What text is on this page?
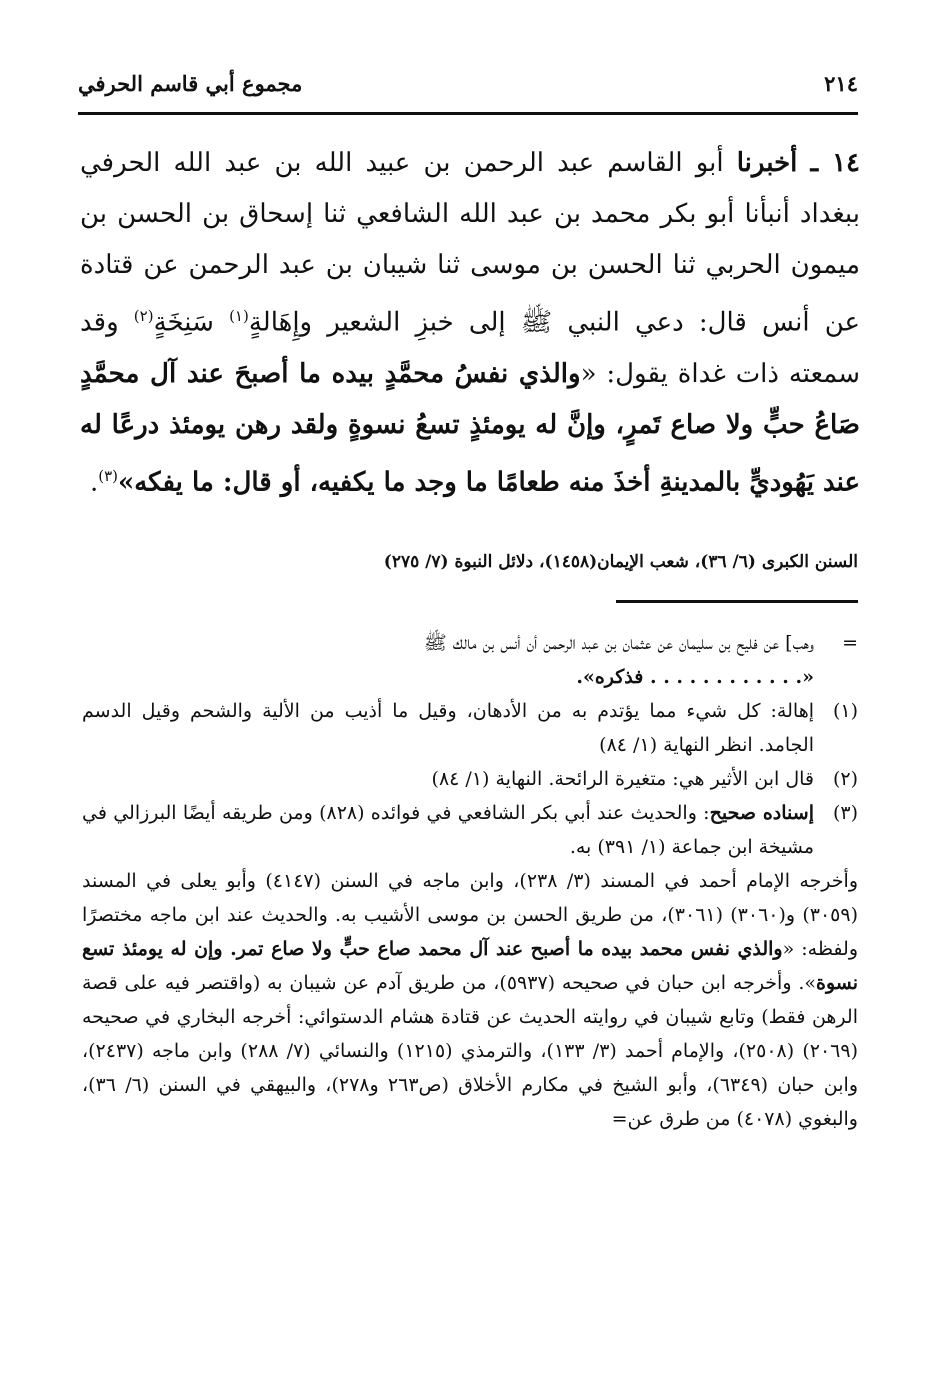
٢١٤
مجموع أبي قاسم الحرفي
١٤ ـ أخبرنا أبو القاسم عبد الرحمن بن عبيد الله بن عبد الله الحرفي ببغداد أنبأنا أبو بكر محمد بن عبد الله الشافعي ثنا إسحاق بن الحسن بن ميمون الحربي ثنا الحسن بن موسى ثنا شيبان بن عبد الرحمن عن قتادة عن أنس قال: دعي النبي ﷺ إلى خبزِ الشعير وإِهَالةٍ$^{(١)}$ سَنِخَةٍ$^{(٢)}$ وقد سمعته ذات غداة يقول: «والذي نفسُ محمَّدٍ بيده ما أصبحَ عند آل محمَّدٍ صَاعُ حبٍّ ولا صاع تَمرٍ، وإنَّ له يومئذٍ تسعُ نسوةٍ ولقد رهن يومئذ درعًا له عند يَهُوديٍّ بالمدينةِ أخذَ منه طعامًا ما وجد ما يكفيه، أو قال: ما يفكه»$^{(٣)}$.
السنن الكبرى (٦/ ٣٦)، شعب الإيمان(١٤٥٨)، دلائل النبوة (٧/ ٢٧٥)
=
وهب] عن فليح بن سليمان عن عثمان بن عبد الرحمن أن أنس بن مالك ﷺ
«. . . . . . . . . . . . فذكره».
(١)
إهالة: كل شيء مما يؤتدم به من الأدهان، وقيل ما أذيب من الألية والشحم وقيل الدسم الجامد. انظر النهاية (١/ ٨٤)
(٢)
قال ابن الأثير هي: متغيرة الرائحة. النهاية (١/ ٨٤)
(٣)
إسناده صحيح: والحديث عند أبي بكر الشافعي في فوائده (٨٢٨) ومن طريقه أيضًا البرزالي في مشيخة ابن جماعة (١/ ٣٩١) به.
وأخرجه الإمام أحمد في المسند (٣/ ٢٣٨)، وابن ماجه في السنن (٤١٤٧) وأبو يعلى في المسند (٣٠٥٩) و(٣٠٦٠) (٣٠٦١)، من طريق الحسن بن موسى الأشيب به. والحديث عند ابن ماجه مختصرًا ولفظه: «والذي نفس محمد بيده ما أصبح عند آل محمد صاع حبٍّ ولا صاع تمر. وإن له يومئذ تسع نسوة». وأخرجه ابن حبان في صحيحه (٥٩٣٧)، من طريق آدم عن شيبان به (واقتصر فيه على قصة الرهن فقط) وتابع شيبان في روايته الحديث عن قتادة هشام الدستوائي: أخرجه البخاري في صحيحه (٢٠٦٩) (٢٥٠٨)، والإمام أحمد (٣/ ١٣٣)، والترمذي (١٢١٥) والنسائي (٧/ ٢٨٨) وابن ماجه (٢٤٣٧)، وابن حبان (٦٣٤٩)، وأبو الشيخ في مكارم الأخلاق (ص٢٦٣ و٢٧٨)، والبيهقي في السنن (٦/ ٣٦)، والبغوي (٤٠٧٨) من طرق عن=
